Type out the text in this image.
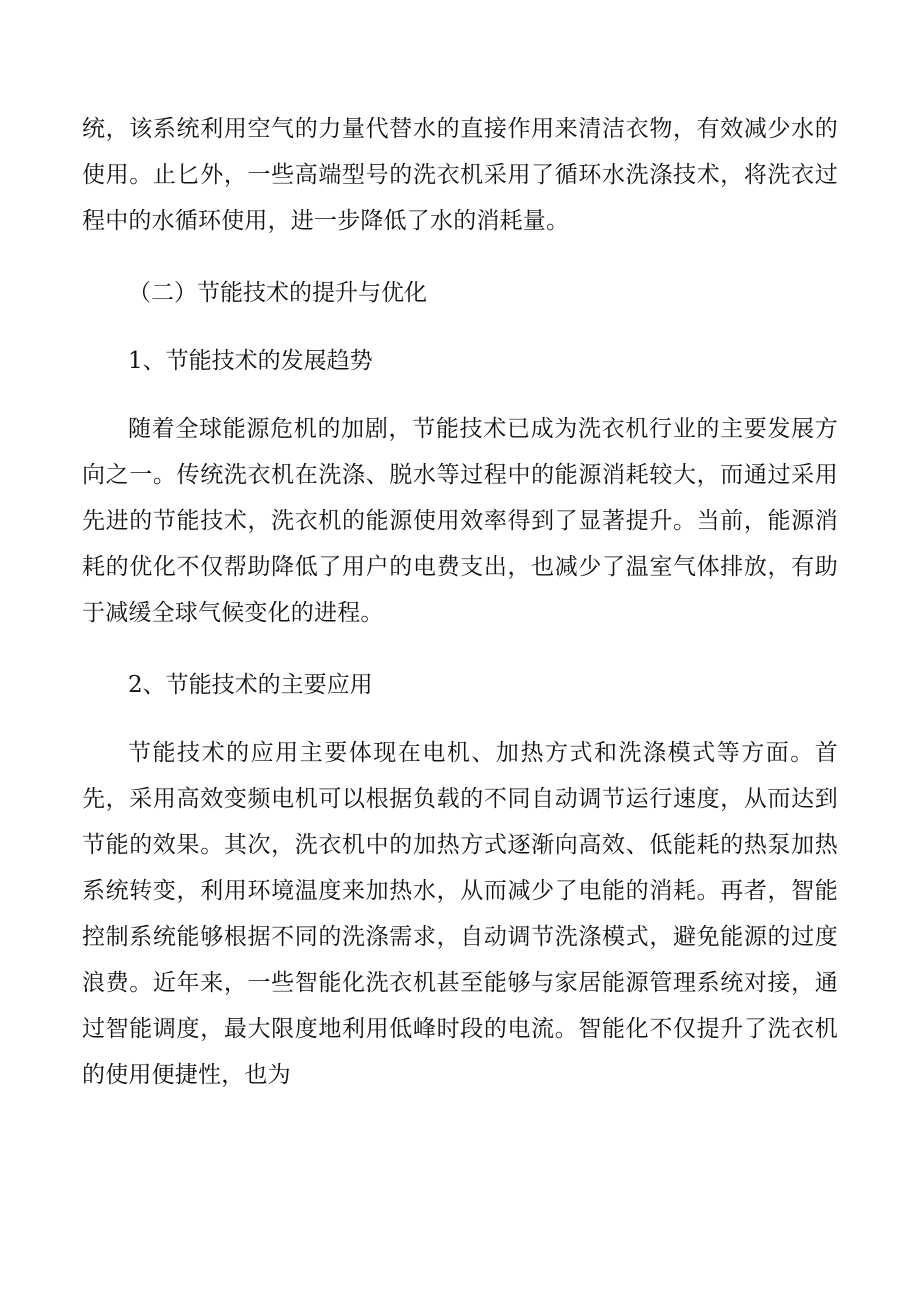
统，该系统利用空气的力量代替水的直接作用来清洁衣物，有效减少水的使用。止匕外，一些高端型号的洗衣机采用了循环水洗涤技术，将洗衣过程中的水循环使用，进一步降低了水的消耗量。

（二）节能技术的提升与优化

1、节能技术的发展趋势

随着全球能源危机的加剧，节能技术已成为洗衣机行业的主要发展方向之一。传统洗衣机在洗涤、脱水等过程中的能源消耗较大，而通过采用先进的节能技术，洗衣机的能源使用效率得到了显著提升。当前，能源消耗的优化不仅帮助降低了用户的电费支出，也减少了温室气体排放，有助于减缓全球气候变化的进程。

2、节能技术的主要应用

节能技术的应用主要体现在电机、加热方式和洗涤模式等方面。首先，采用高效变频电机可以根据负载的不同自动调节运行速度，从而达到节能的效果。其次，洗衣机中的加热方式逐渐向高效、低能耗的热泵加热系统转变，利用环境温度来加热水，从而减少了电能的消耗。再者，智能控制系统能够根据不同的洗涤需求，自动调节洗涤模式，避免能源的过度浪费。近年来，一些智能化洗衣机甚至能够与家居能源管理系统对接，通过智能调度，最大限度地利用低峰时段的电流。智能化不仅提升了洗衣机的使用便捷性，也为
